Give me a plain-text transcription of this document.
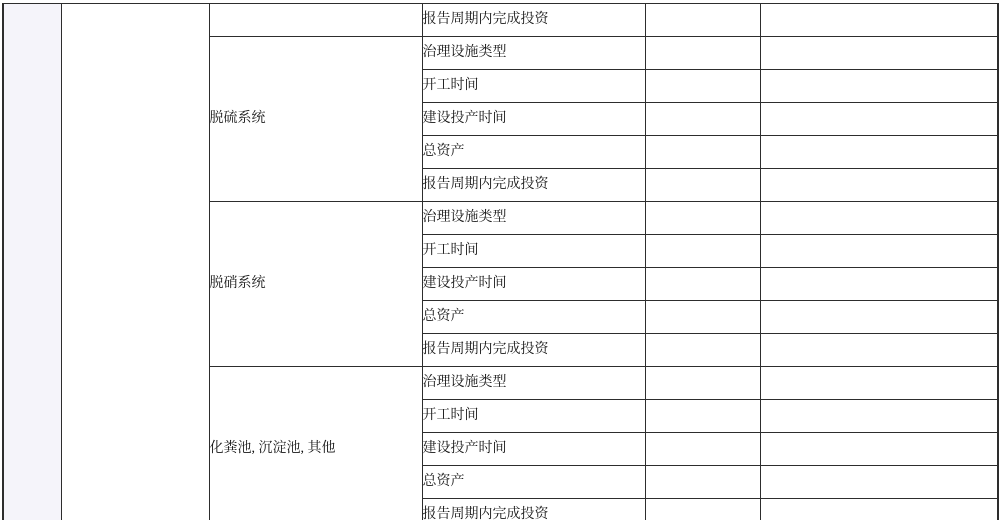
			报告周期内完成投资		
		脱硫系统	治理设施类型		
			开工时间		
			建设投产时间		
			总资产		
			报告周期内完成投资		
		脱硝系统	治理设施类型		
			开工时间		
			建设投产时间		
			总资产		
			报告周期内完成投资		
		化粪池, 沉淀池, 其他	治理设施类型		
			开工时间		
			建设投产时间		
			总资产		
			报告周期内完成投资		
